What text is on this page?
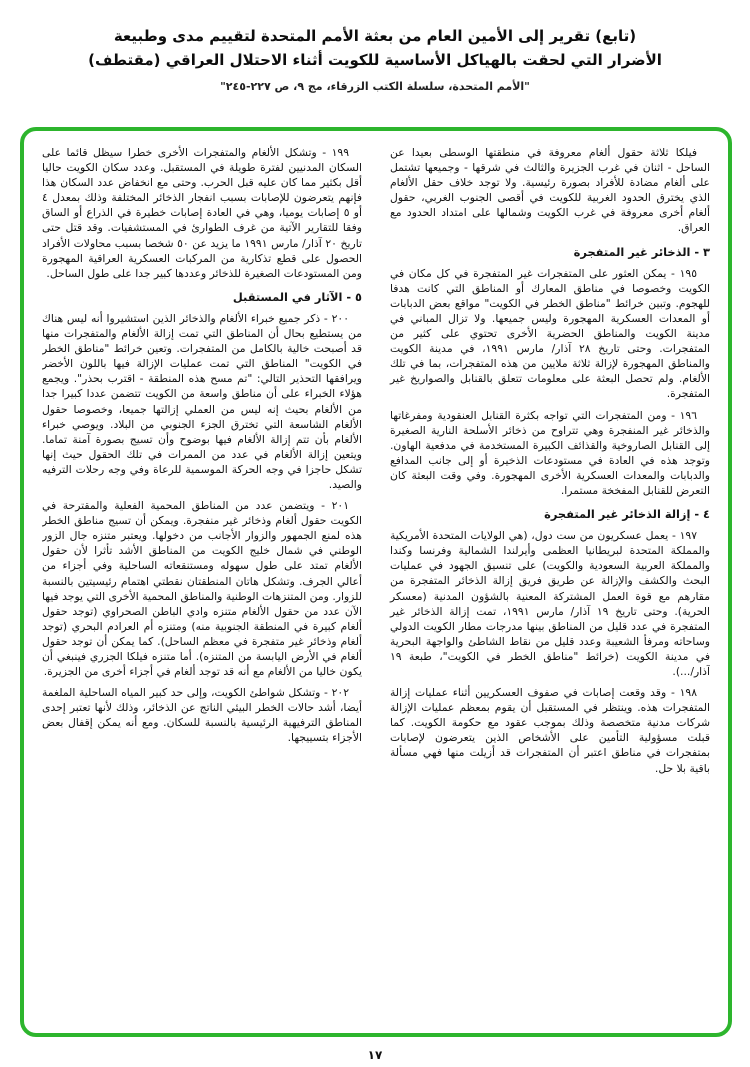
(تابع) تقرير إلى الأمين العام من بعثة الأمم المتحدة لتقييم مدى وطبيعة
الأضرار التي لحقت بالهياكل الأساسية للكويت أثناء الاحتلال العراقي (مقتطف)
"الأمم المتحدة، سلسلة الكتب الزرقاء، مج ٩، ص ٢٢٧-٢٤٥"
فيلكا ثلاثة حقول ألغام معروفة في منطقتها الوسطى بعيدا عن الساحل - اثنان في غرب الجزيرة والثالث في شرقها - وجميعها تشتمل على ألغام مضادة للأفراد بصورة رئيسية. ولا توجد خلاف حقل الألغام الذي يخترق الحدود الغربية للكويت في أقصى الجنوب الغربي، حقول ألغام أخرى معروفة في غرب الكويت وشمالها على امتداد الحدود مع العراق.
٣ - الذخائر غير المتفجرة
١٩٥ - يمكن العثور على المتفجرات غير المتفجرة في كل مكان في الكويت وخصوصا في مناطق المعارك أو المناطق التي كانت هدفا للهجوم. وتبين خرائط "مناطق الخطر في الكويت" مواقع بعض الدبابات أو المعدات العسكرية المهجورة وليس جميعها. ولا تزال المباني في مدينة الكويت والمناطق الحضرية الأخرى تحتوي على كثير من المتفجرات. وحتى تاريخ ٢٨ آذار/ مارس ١٩٩١، في مدينة الكويت والمناطق المهجورة لإزالة ثلاثة ملايين من هذه المتفجرات، بما في تلك الألغام. ولم تحصل البعثة على معلومات تتعلق بالقنابل والصواريخ غير المتفجرة.
١٩٦ - ومن المتفجرات التي تواجه بكثرة القنابل العنقودية ومفرغاتها والذخائر غير المنفجرة وهي تتراوح من ذخائر الأسلحة النارية الصغيرة إلى القنابل الصاروخية والقذائف الكبيرة المستخدمة في مدفعية الهاون. وتوجد هذه في العادة في مستودعات الذخيرة أو إلى جانب المدافع والدبابات والمعدات العسكرية الأخرى المهجورة. وفي وقت البعثة كان التعرض للقنابل المفخخة مستمرا.
٤ - إزالة الذخائر غير المتفجرة
١٩٧ - يعمل عسكريون من ست دول، (هي الولايات المتحدة الأمريكية والمملكة المتحدة لبريطانيا العظمى وأيرلندا الشمالية وفرنسا وكندا والمملكة العربية السعودية والكويت) على تنسيق الجهود في عمليات البحث والكشف والإزالة عن طريق فريق إزالة الذخائر المتفجرة من مقارهم مع قوة العمل المشتركة المعنية بالشؤون المدنية (معسكر الحرية). وحتى تاريخ ١٩ آذار/ مارس ١٩٩١، تمت إزالة الذخائر غير المتفجرة في عدد قليل من المناطق بينها مدرجات مطار الكويت الدولي وساحاته ومرفأ الشعيبة وعدد قليل من نقاط الشاطئ والواجهة البحرية في مدينة الكويت (خرائط "مناطق الخطر في الكويت"، طبعة ١٩ آذار/...).
١٩٨ - وقد وقعت إصابات في صفوف العسكريين أثناء عمليات إزالة المتفجرات هذه. وينتظر في المستقبل أن يقوم بمعظم عمليات الإزالة شركات مدنية متخصصة وذلك بموجب عقود مع حكومة الكويت. كما قبلت مسؤولية التأمين على الأشخاص الذين يتعرضون لإصابات بمتفجرات في مناطق اعتبر أن المتفجرات قد أزيلت منها فهي مسألة باقية بلا حل.
١٩٩ - وتشكل الألغام والمتفجرات الأخرى خطرا سيظل قائما على السكان المدنيين لفترة طويلة في المستقبل. وعدد سكان الكويت حاليا أقل بكثير مما كان عليه قبل الحرب. وحتى مع انخفاض عدد السكان هذا فإنهم يتعرضون للإصابات بسبب انفجار الذخائر المختلفة وذلك بمعدل ٤ أو ٥ إصابات يوميا، وهي في العادة إصابات خطيرة في الذراع أو الساق وفقا للتقارير الآتية من غرف الطوارئ في المستشفيات. وقد قتل حتى تاريخ ٢٠ آذار/ مارس ١٩٩١ ما يزيد عن ٥٠ شخصا بسبب محاولات الأفراد الحصول على قطع تذكارية من المركبات العسكرية العراقية المهجورة ومن المستودعات الصغيرة للذخائر وعددها كبير جدا على طول الساحل.
٥ - الآثار في المستقبل
٢٠٠ - ذكر جميع خبراء الألغام والذخائر الذين استشيروا أنه ليس هناك من يستطيع بحال أن المناطق التي تمت إزالة الألغام والمتفجرات منها قد أصبحت خالية بالكامل من المتفجرات. وتعين خرائط "مناطق الخطر في الكويت" المناطق التي تمت عمليات الإزالة فيها باللون الأخضر ويرافقها التحذير التالي: "تم مسح هذه المنطقة - اقترب بحذر". ويجمع هؤلاء الخبراء على أن مناطق واسعة من الكويت تتضمن عددا كبيرا جدا من الألغام بحيث إنه ليس من العملي إزالتها جميعا، وخصوصا حقول الألغام الشاسعة التي تخترق الجزء الجنوبي من البلاد. ويوصي خبراء الألغام بأن تتم إزالة الألغام فيها بوضوح وأن تسيج بصورة آمنة تماما. ويتعين إزالة الألغام في عدد من الممرات في تلك الحقول حيث إنها تشكل حاجزا في وجه الحركة الموسمية للرعاة وفي وجه رحلات الترفيه والصيد.
٢٠١ - ويتضمن عدد من المناطق المحمية الفعلية والمقترحة في الكويت حقول ألغام وذخائر غير منفجرة. ويمكن أن تسيج مناطق الخطر هذه لمنع الجمهور والزوار الأجانب من دخولها. ويعتبر متنزه جال الزور الوطني في شمال خليج الكويت من المناطق الأشد تأثرا لأن حقول الألغام تمتد على طول سهوله ومستنقعاته الساحلية وفي أجزاء من أعالي الجرف. وتشكل هاتان المنطقتان نقطتي اهتمام رئيسيتين بالنسبة للزوار. ومن المتنزهات الوطنية والمناطق المحمية الأخرى التي يوجد فيها الآن عدد من حقول الألغام متنزه وادي الباطن الصحراوي (توجد حقول ألغام كبيرة في المنطقة الجنوبية منه) ومتنزه أم العرادم البحري (توجد ألغام وذخائر غير متفجرة في معظم الساحل). كما يمكن أن توجد حقول ألغام في الأرض اليابسة من المتنزه). أما متنزه فيلكا الجزري فينبغي أن يكون خاليا من الألغام مع أنه قد توجد ألغام في أجزاء أخرى من الجزيرة.
٢٠٢ - وتشكل شواطئ الكويت، وإلى حد كبير المياه الساحلية الملغمة أيضا، أشد حالات الخطر البيئي الناتج عن الذخائر، وذلك لأنها تعتبر إحدى المناطق الترفيهية الرئيسية بالنسبة للسكان. ومع أنه يمكن إقفال بعض الأجزاء بتسييجها.
١٧
